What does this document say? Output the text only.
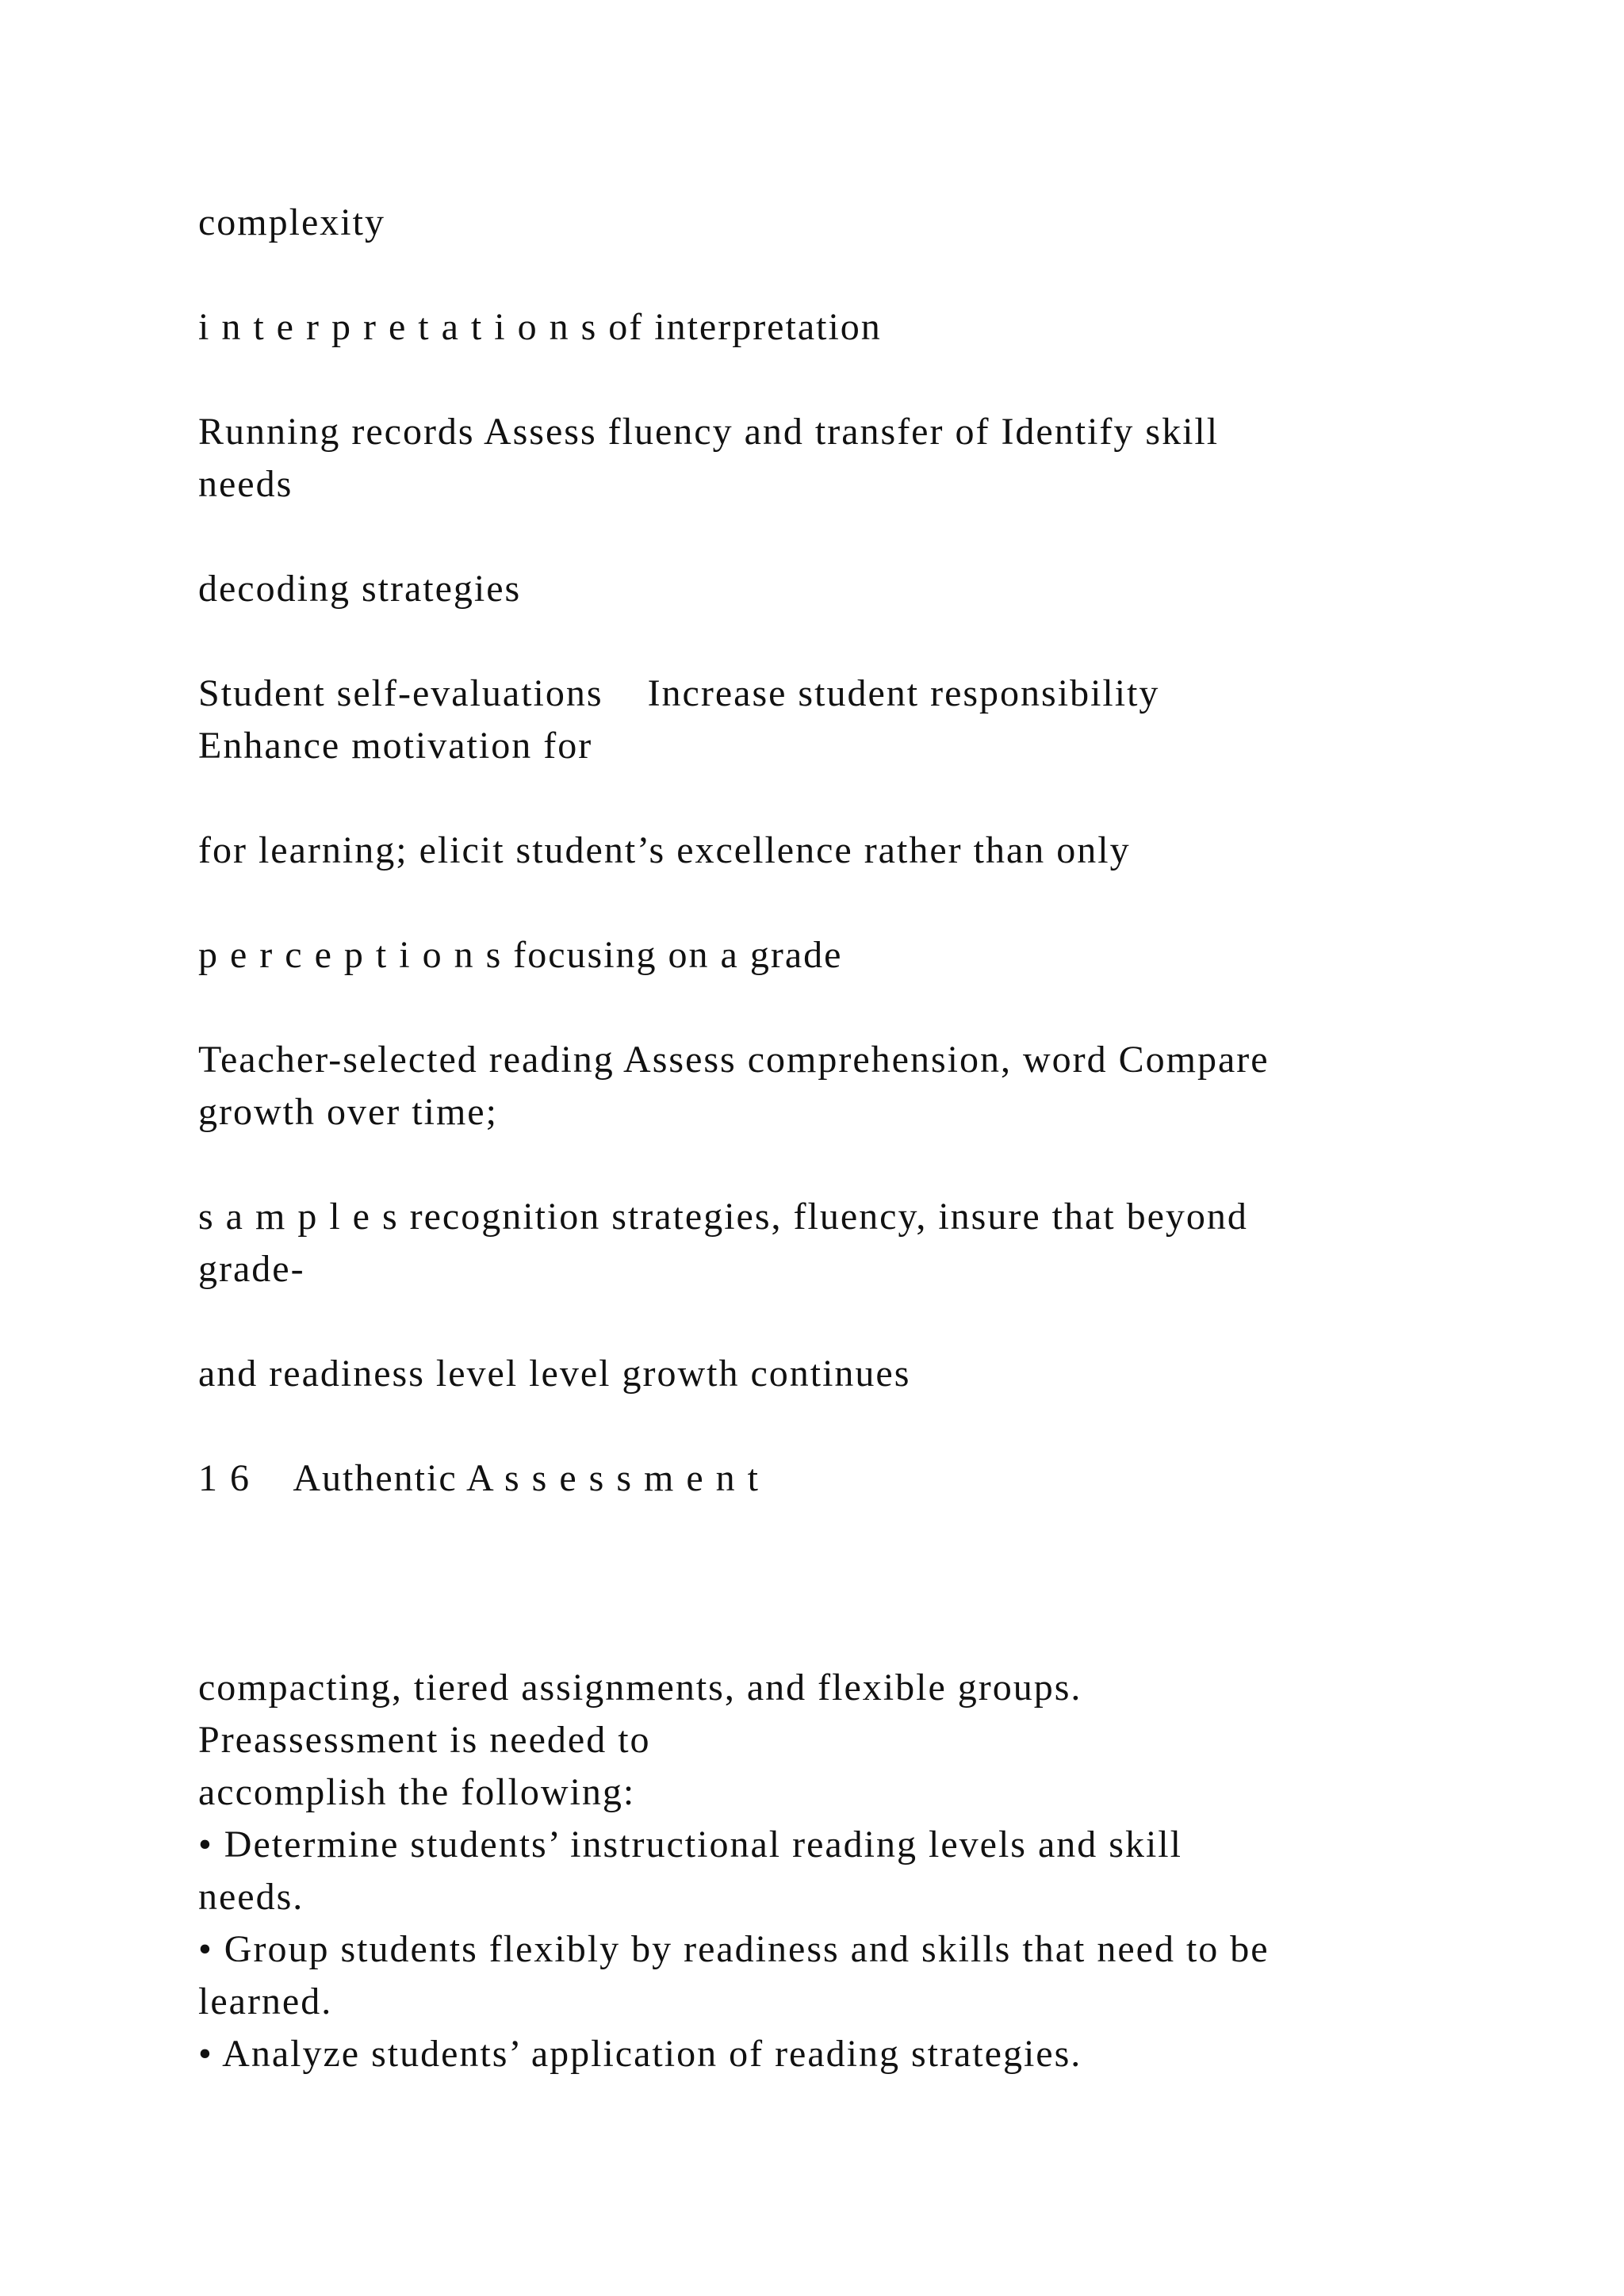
complexity

i n t e r p r e t a t i o n s of interpretation

Running records Assess fluency and transfer of Identify skill
needs

decoding strategies

Student self-evaluations    Increase student responsibility
Enhance motivation for

for learning; elicit student’s excellence rather than only

p e r c e p t i o n s focusing on a grade

Teacher-selected reading Assess comprehension, word Compare
growth over time;

s a m p l e s recognition strategies, fluency, insure that beyond
grade-

and readiness level level growth continues

1 6    Authentic A s s e s s m e n t

compacting, tiered assignments, and flexible groups.
Preassessment is needed to
accomplish the following:
• Determine students’ instructional reading levels and skill
needs.
• Group students flexibly by readiness and skills that need to be
learned.
• Analyze students’ application of reading strategies.
